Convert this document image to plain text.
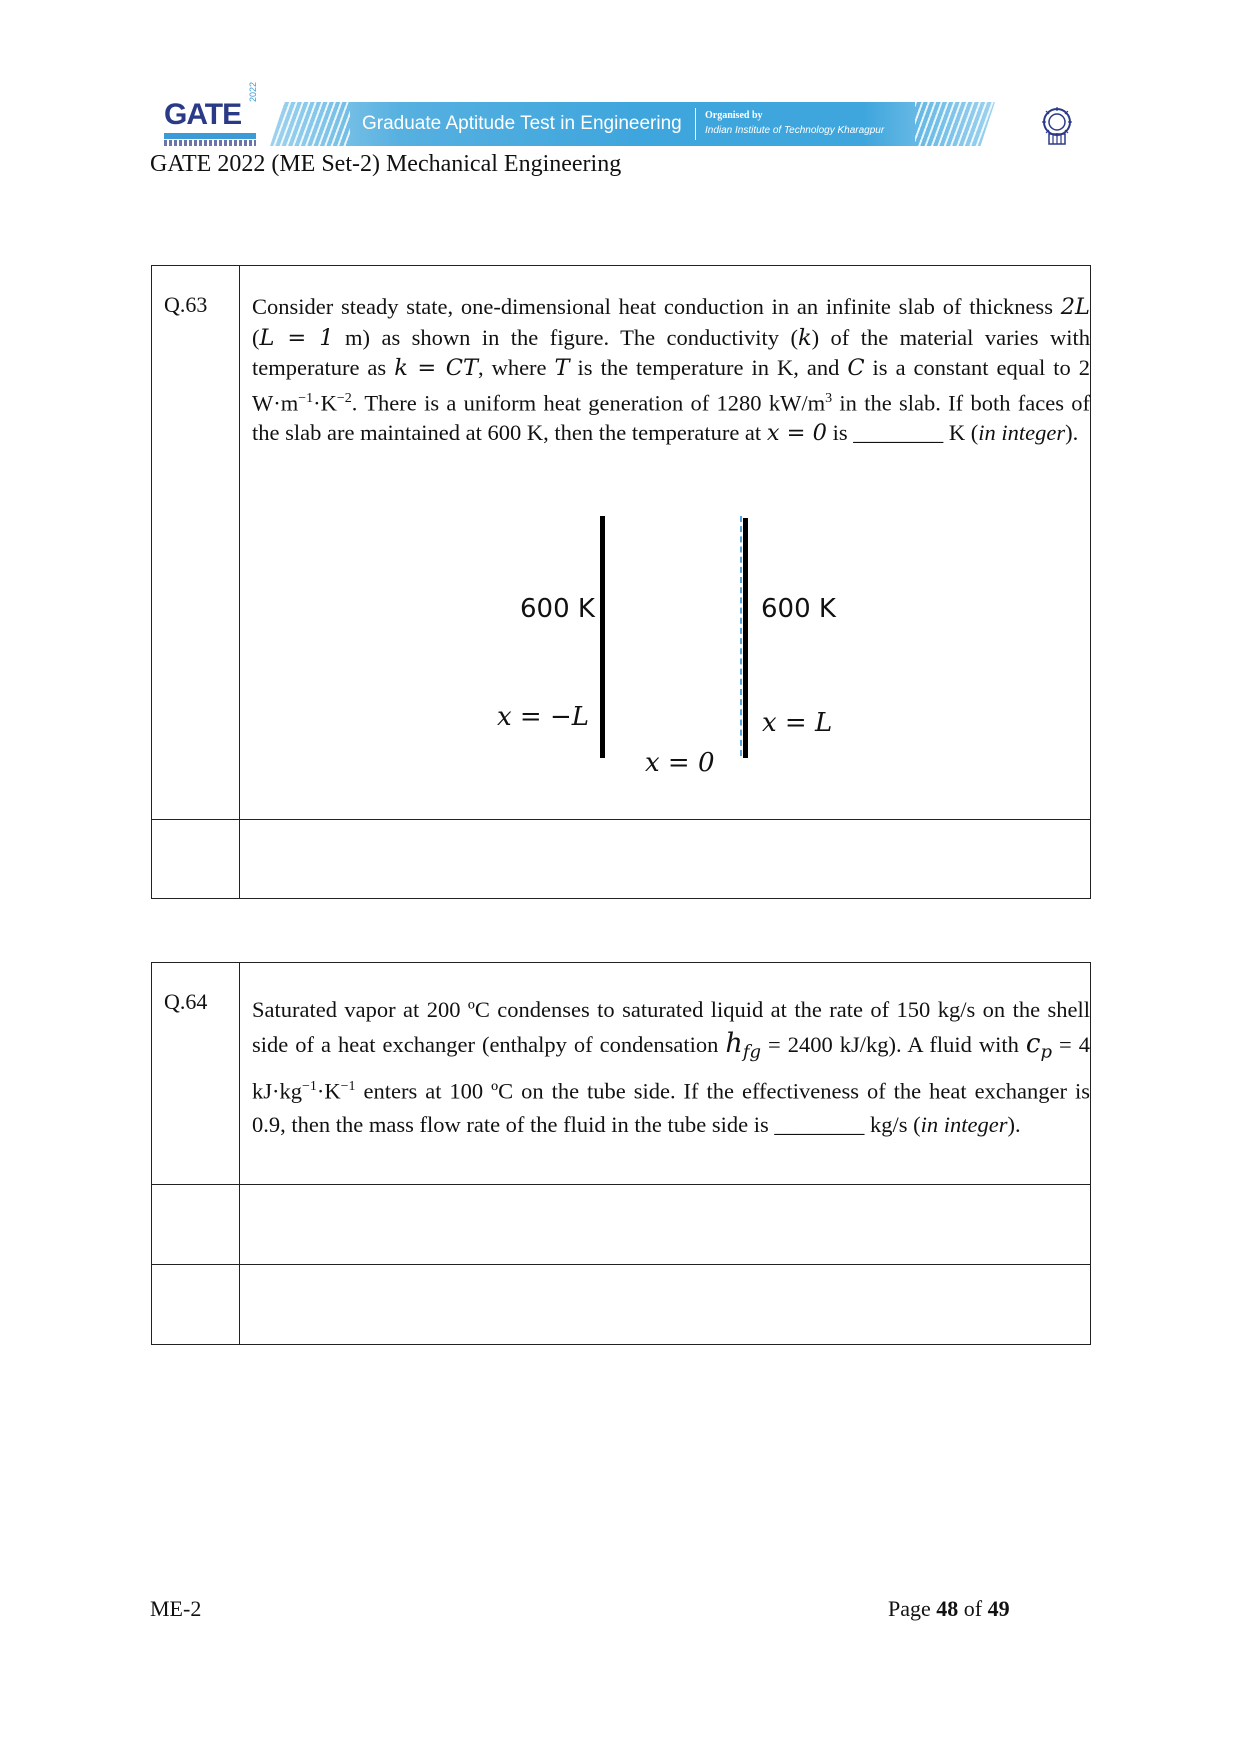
GATE
2022
Graduate Aptitude Test in Engineering Organised by
Indian Institute of Technology Kharagpur
GATE 2022 (ME Set-2) Mechanical Engineering
Q.63 Consider steady state, one-dimensional heat conduction in an infinite slab of thickness 2L (L = 1 m) as shown in the figure. The conductivity (k) of the material varies with temperature as k = CT, where T is the temperature in K, and C is a constant equal to 2 $W\cdot m^{-1}\cdot K^{-2}$. There is a uniform heat generation of 1280 $kW/m^3$ in the slab. If both faces of the slab are maintained at 600 K, then the temperature at x = 0 is ________ K (in integer).

600 K	600 K
x = −L	x = L
x = 0
Q.64 Saturated vapor at 200 ºC condenses to saturated liquid at the rate of 150 kg/s on the shell side of a heat exchanger (enthalpy of condensation $h_{fg} = 2400$ kJ/kg). A fluid with $c_p = 4$ $kJ\cdot kg^{-1}\cdot K^{-1}$ enters at 100 ºC on the tube side. If the effectiveness of the heat exchanger is 0.9, then the mass flow rate of the fluid in the tube side is ________ kg/s (in integer).

ME-2	Page 48 of 49
